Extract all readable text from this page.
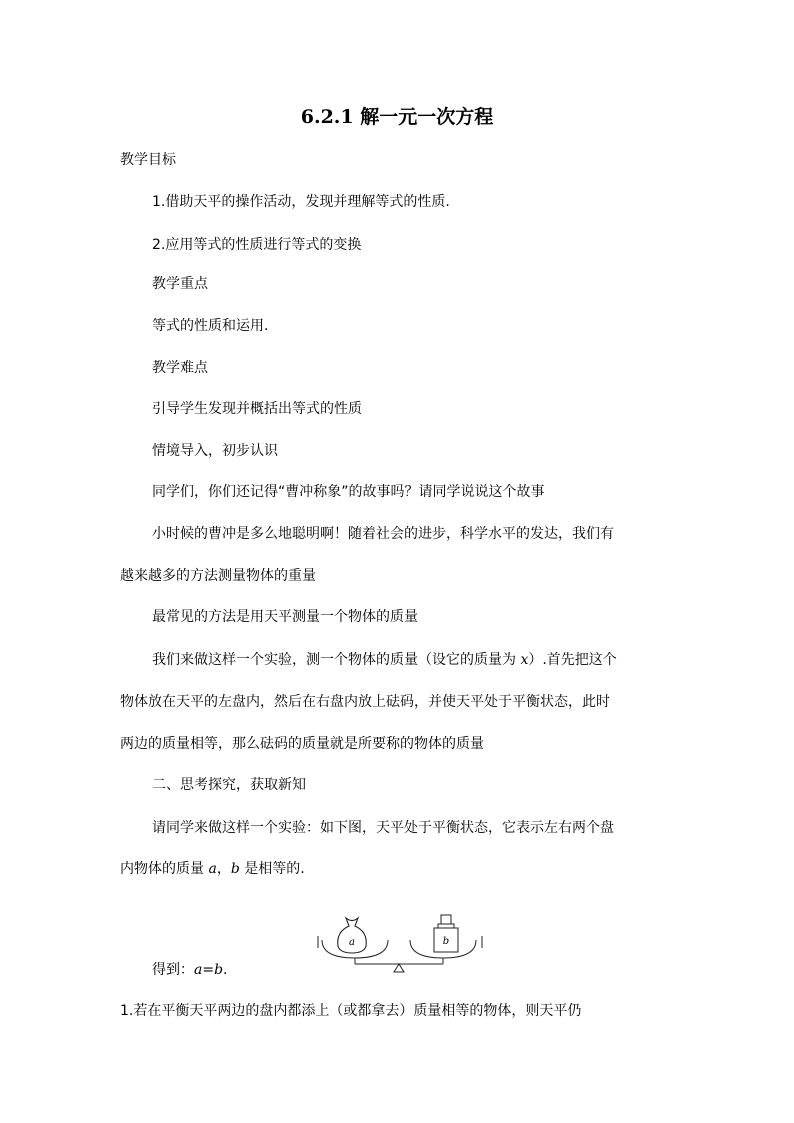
6.2.1 解一元一次方程
教学目标
1.借助天平的操作活动，发现并理解等式的性质.
2.应用等式的性质进行等式的变换
教学重点
等式的性质和运用.
教学难点
引导学生发现并概括出等式的性质
情境导入，初步认识
同学们，你们还记得“曹冲称象”的故事吗？请同学说说这个故事
小时候的曹冲是多么地聪明啊！随着社会的进步，科学水平的发达，我们有
越来越多的方法测量物体的重量
最常见的方法是用天平测量一个物体的质量
我们来做这样一个实验，测一个物体的质量（设它的质量为 x）.首先把这个
物体放在天平的左盘内，然后在右盘内放上砝码，并使天平处于平衡状态，此时
两边的质量相等，那么砝码的质量就是所要称的物体的质量
二、思考探究，获取新知
请同学来做这样一个实验：如下图，天平处于平衡状态，它表示左右两个盘
内物体的质量 a，b 是相等的.
得到：a=b.
a	b
1.若在平衡天平两边的盘内都添上（或都拿去）质量相等的物体，则天平仍
